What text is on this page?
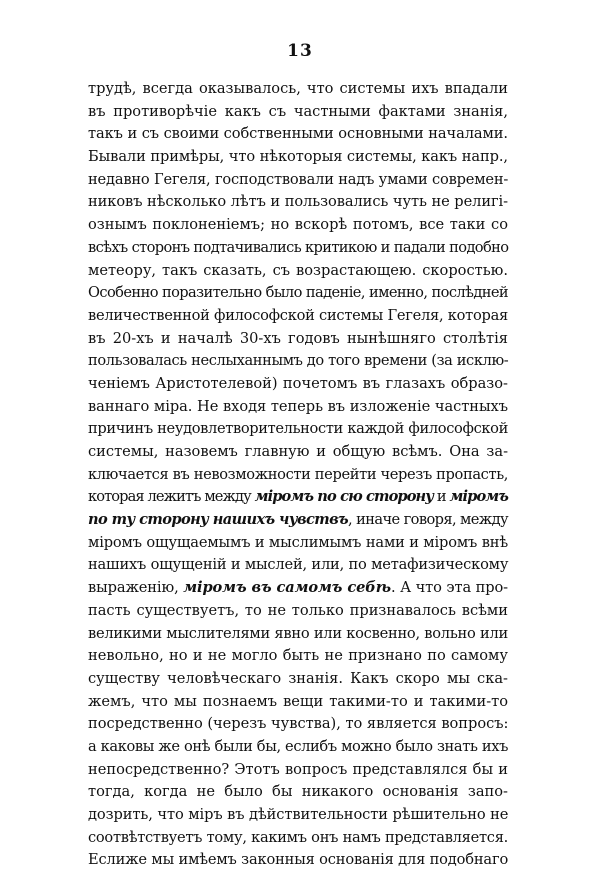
13
трудѣ, всегда оказывалось, что системы ихъ впадали
въ противорѣчіе какъ съ частными фактами знанія,
такъ и съ своими собственными основными началами.
Бывали примѣры, что нѣкоторыя системы, какъ напр.,
недавно Гегеля, господствовали надъ умами современ-
никовъ нѣсколько лѣтъ и пользовались чуть не религі-
ознымъ поклоненіемъ; но вскорѣ потомъ, все таки со
всѣхъ сторонъ подтачивались критикою и падали подобно
метеору, такъ сказать, съ возрастающею. скоростью.
Особенно поразительно было паденіе, именно, послѣдней
величественной философской системы Гегеля, которая
въ 20-хъ и началѣ 30-хъ годовъ нынѣшняго столѣтія
пользовалась неслыханнымъ до того времени (за исклю-
ченіемъ Аристотелевой) почетомъ въ глазахъ образо-
ваннаго міра. Не входя теперь въ изложеніе частныхъ
причинъ неудовлетворительности каждой философской
системы, назовемъ главную и общую всѣмъ. Она за-
ключается въ невозможности перейти черезъ пропасть,
которая лежитъ между міромъ по сю сторону и міромъ
по ту сторону нашихъ чувствъ, иначе говоря, между
міромъ ощущаемымъ и мыслимымъ нами и міромъ внѣ
нашихъ ощущеній и мыслей, или, по метафизическому
выраженію, міромъ въ самомъ себѣ. А что эта про-
пасть существуетъ, то не только признавалось всѣми
великими мыслителями явно или косвенно, вольно или
невольно, но и не могло быть не признано по самому
существу человѣческаго знанія. Какъ скоро мы ска-
жемъ, что мы познаемъ вещи такими-то и такими-то
посредственно (черезъ чувства), то является вопросъ:
а каковы же онѣ были бы, еслибъ можно было знать ихъ
непосредственно? Этотъ вопросъ представлялся бы и
тогда, когда не было бы никакого основанія запо-
дозрить, что міръ въ дѣйствительности рѣшительно не
соотвѣтствуетъ тому, какимъ онъ намъ представляется.
Еслиже мы имѣемъ законныя основанія для подобнаго
